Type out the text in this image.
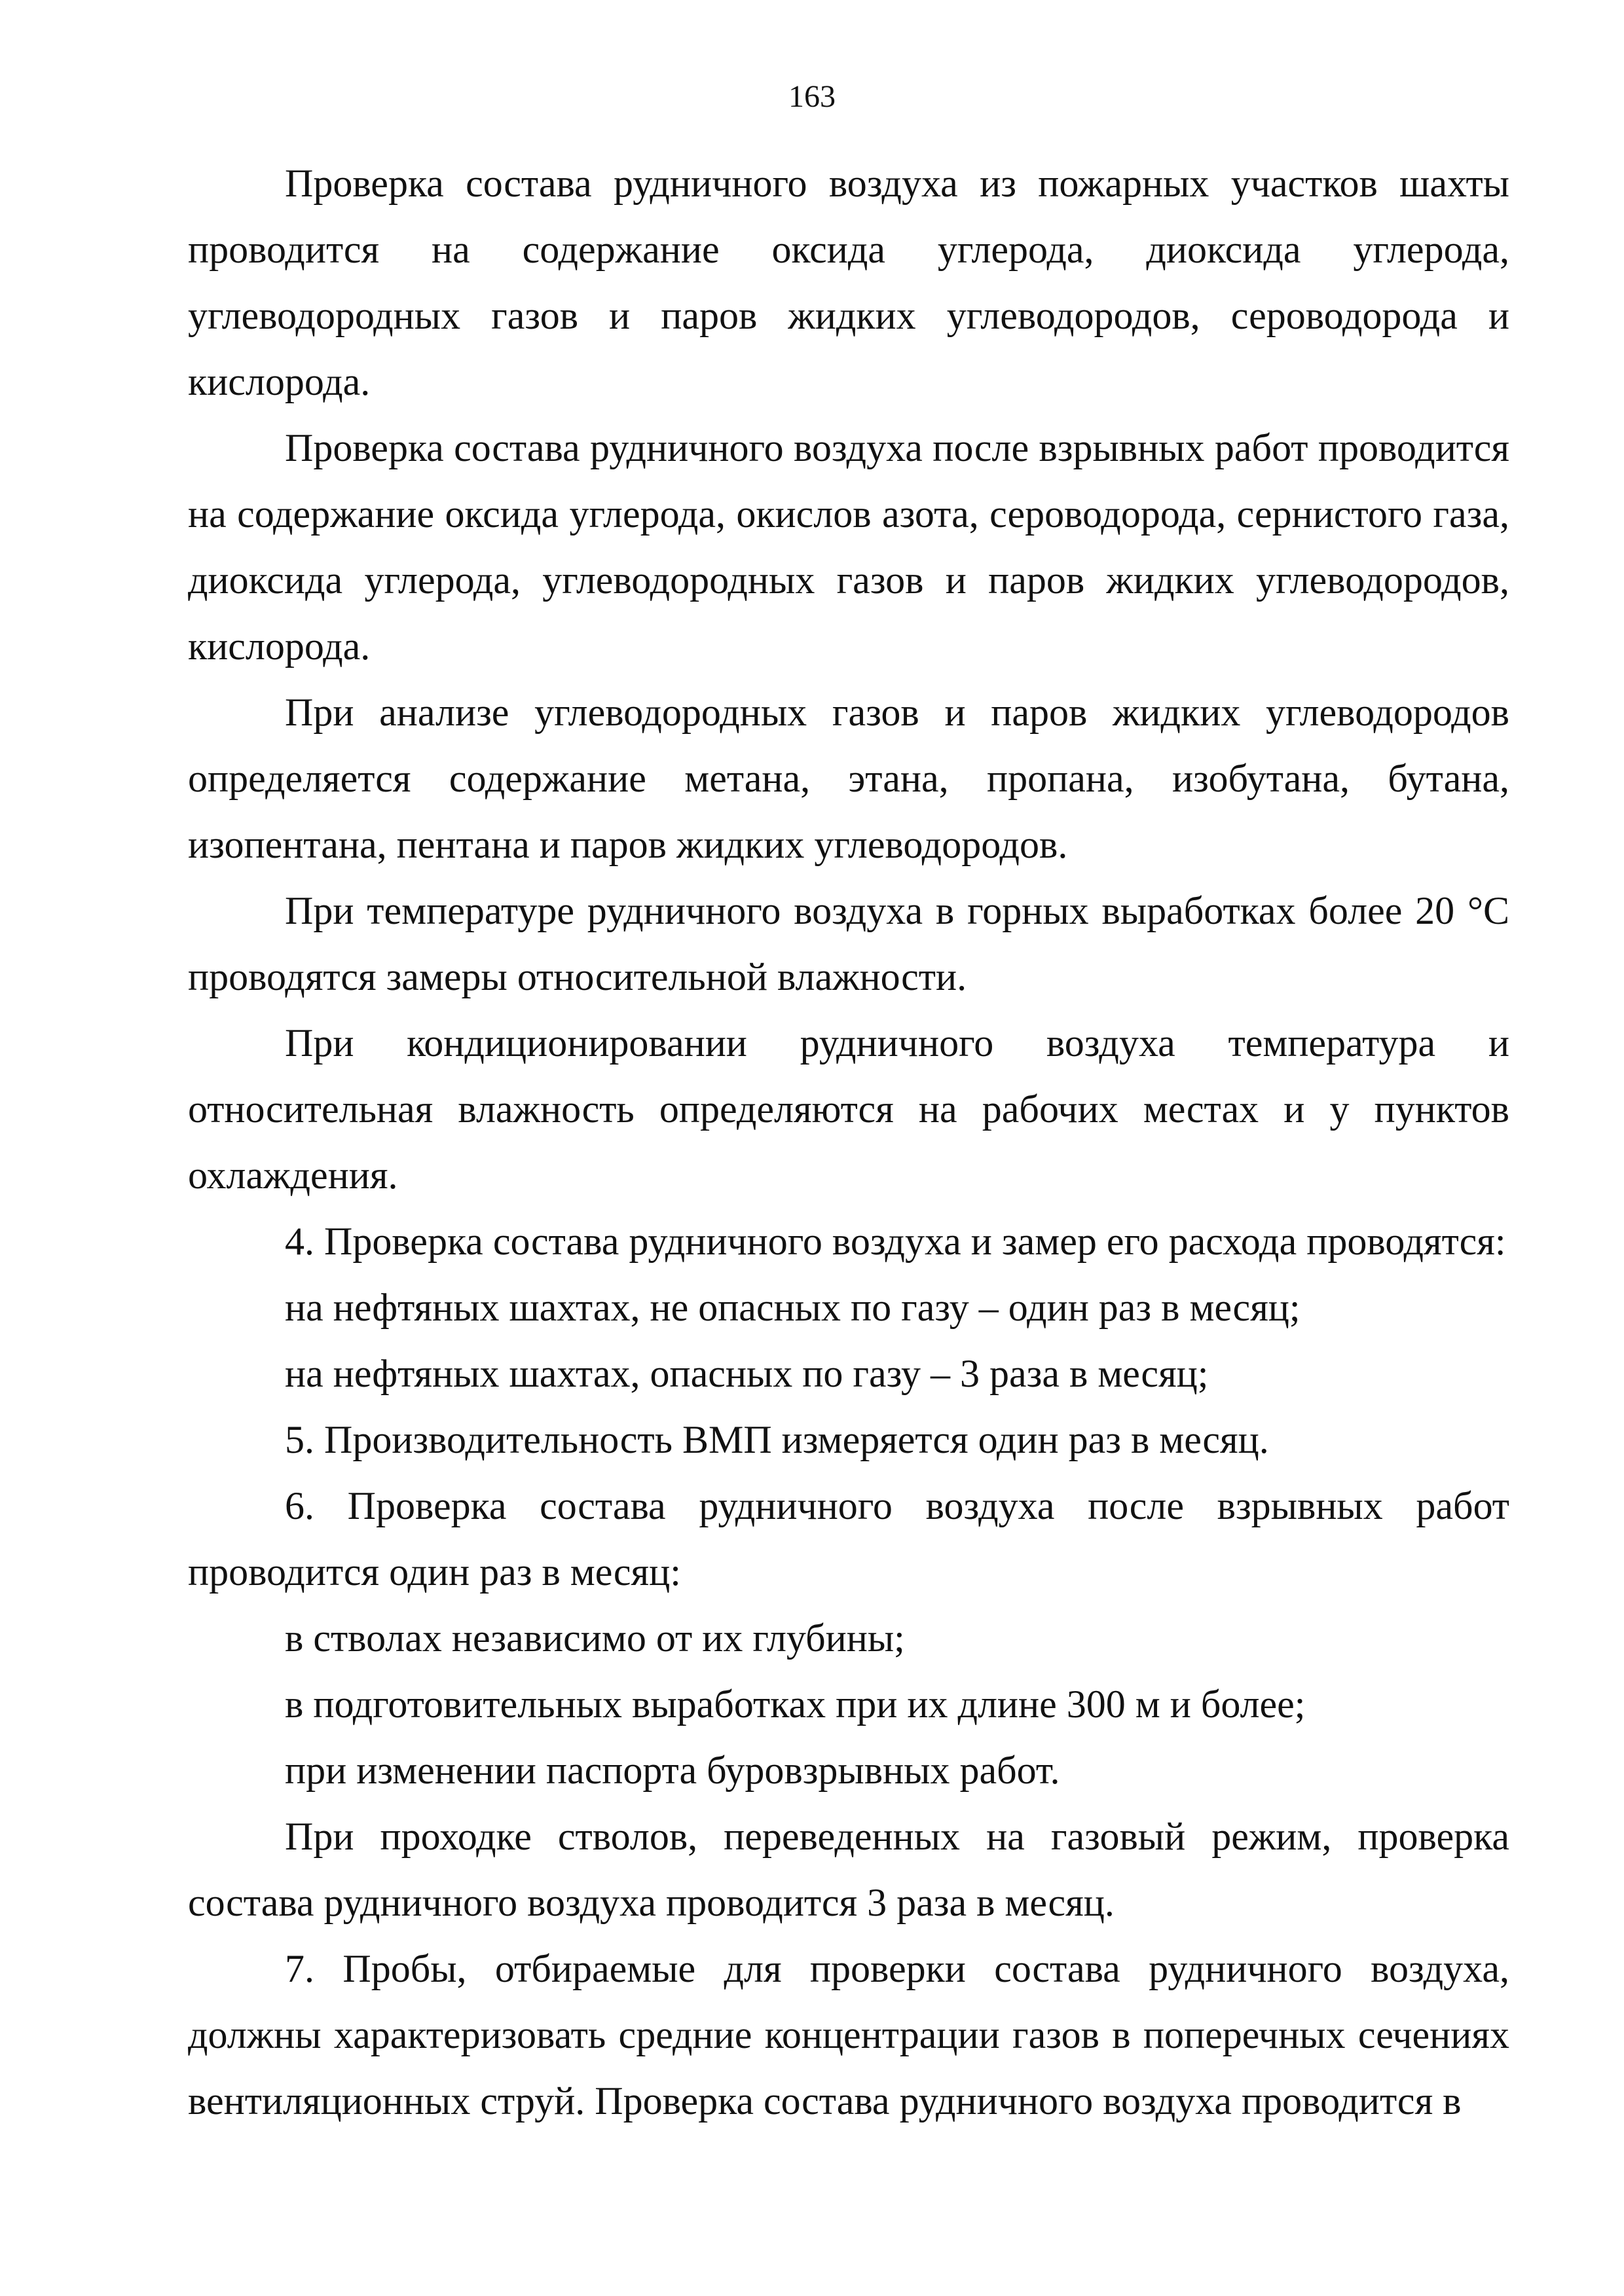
163

Проверка состава рудничного воздуха из пожарных участков шахты проводится на содержание оксида углерода, диоксида углерода, углеводородных газов и паров жидких углеводородов, сероводорода и кислорода.

Проверка состава рудничного воздуха после взрывных работ проводится на содержание оксида углерода, окислов азота, сероводорода, сернистого газа, диоксида углерода, углеводородных газов и паров жидких углеводородов, кислорода.

При анализе углеводородных газов и паров жидких углеводородов определяется содержание метана, этана, пропана, изобутана, бутана, изопентана, пентана и паров жидких углеводородов.

При температуре рудничного воздуха в горных выработках более 20 °С проводятся замеры относительной влажности.

При кондиционировании рудничного воздуха температура и относительная влажность определяются на рабочих местах и у пунктов охлаждения.

4. Проверка состава рудничного воздуха и замер его расхода проводятся:

на нефтяных шахтах, не опасных по газу – один раз в месяц;

на нефтяных шахтах, опасных по газу – 3 раза в месяц;

5. Производительность ВМП измеряется один раз в месяц.

6. Проверка состава рудничного воздуха после взрывных работ проводится один раз в месяц:

в стволах независимо от их глубины;

в подготовительных выработках при их длине 300 м и более;

при изменении паспорта буровзрывных работ.

При проходке стволов, переведенных на газовый режим, проверка состава рудничного воздуха проводится 3 раза в месяц.

7. Пробы, отбираемые для проверки состава рудничного воздуха, должны характеризовать средние концентрации газов в поперечных сечениях вентиляционных струй. Проверка состава рудничного воздуха проводится в
